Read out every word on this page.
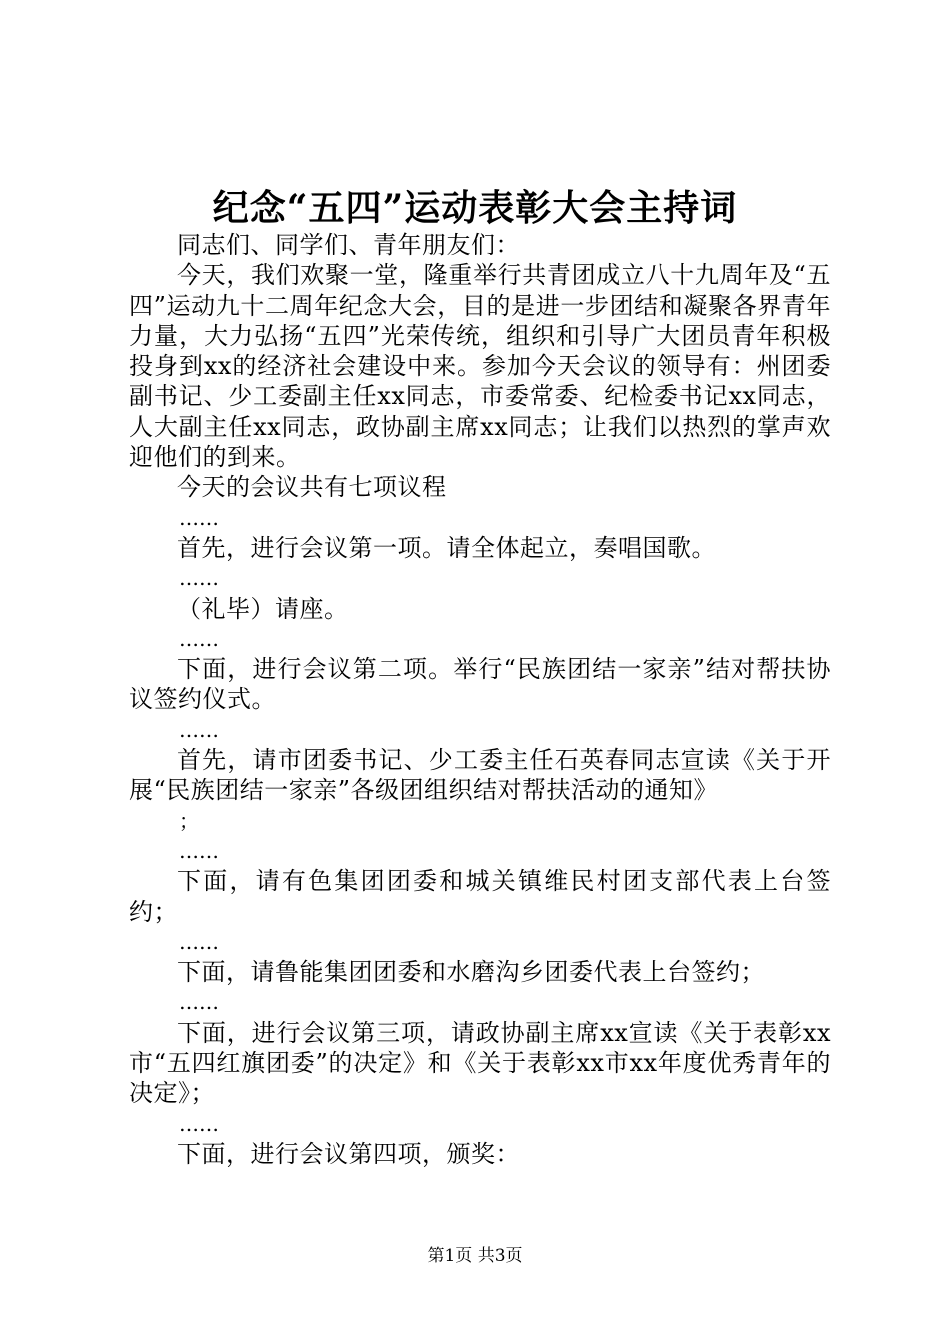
纪念“五四”运动表彰大会主持词

同志们、同学们、青年朋友们：

今天，我们欢聚一堂，隆重举行共青团成立八十九周年及“五四”运动九十二周年纪念大会，目的是进一步团结和凝聚各界青年力量，大力弘扬“五四”光荣传统，组织和引导广大团员青年积极投身到xx的经济社会建设中来。参加今天会议的领导有：州团委副书记、少工委副主任xx同志，市委常委、纪检委书记xx同志，人大副主任xx同志，政协副主席xx同志；让我们以热烈的掌声欢迎他们的到来。

今天的会议共有七项议程

……

首先，进行会议第一项。请全体起立，奏唱国歌。

……

（礼毕）请座。

……

下面，进行会议第二项。举行“民族团结一家亲”结对帮扶协议签约仪式。

……

首先，请市团委书记、少工委主任石英春同志宣读《关于开展“民族团结一家亲”各级团组织结对帮扶活动的通知》

；

……

下面，请有色集团团委和城关镇维民村团支部代表上台签约；

……

下面，请鲁能集团团委和水磨沟乡团委代表上台签约；

……

下面，进行会议第三项，请政协副主席xx宣读《关于表彰xx市“五四红旗团委”的决定》和《关于表彰xx市xx年度优秀青年的决定》；

……

下面，进行会议第四项，颁奖：

第1页 共3页
